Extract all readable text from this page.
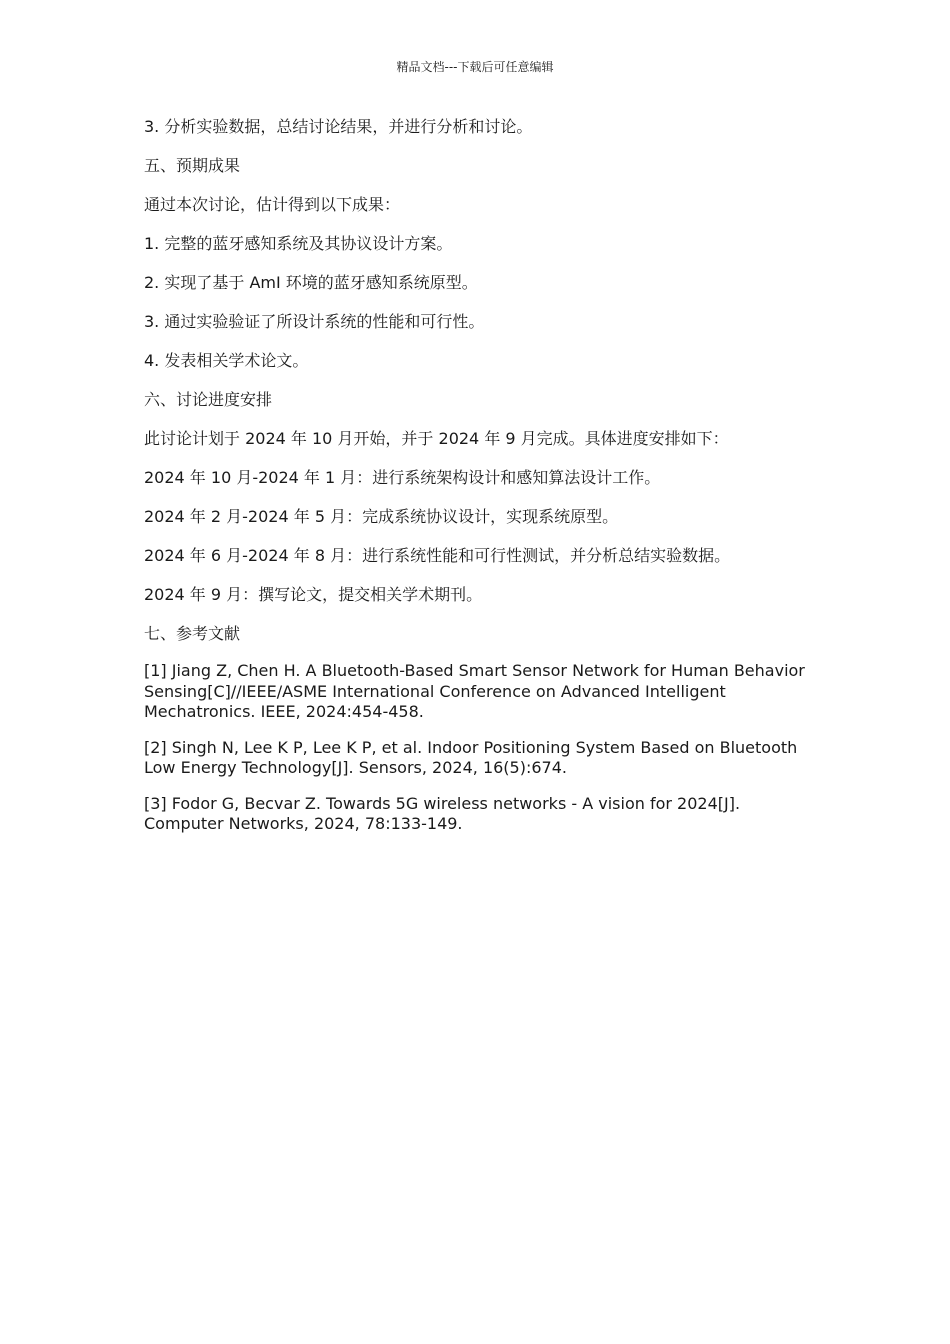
精品文档---下载后可任意编辑
3. 分析实验数据，总结讨论结果，并进行分析和讨论。
五、预期成果
通过本次讨论，估计得到以下成果：
1. 完整的蓝牙感知系统及其协议设计方案。
2. 实现了基于 AmI 环境的蓝牙感知系统原型。
3. 通过实验验证了所设计系统的性能和可行性。
4. 发表相关学术论文。
六、讨论进度安排
此讨论计划于 2024 年 10 月开始，并于 2024 年 9 月完成。具体进度安排如下：
2024 年 10 月-2024 年 1 月：进行系统架构设计和感知算法设计工作。
2024 年 2 月-2024 年 5 月：完成系统协议设计，实现系统原型。
2024 年 6 月-2024 年 8 月：进行系统性能和可行性测试，并分析总结实验数据。
2024 年 9 月：撰写论文，提交相关学术期刊。
七、参考文献
[1] Jiang Z, Chen H. A Bluetooth-Based Smart Sensor Network for Human Behavior Sensing[C]//IEEE/ASME International Conference on Advanced Intelligent Mechatronics. IEEE, 2024:454-458.
[2] Singh N, Lee K P, Lee K P, et al. Indoor Positioning System Based on Bluetooth Low Energy Technology[J]. Sensors, 2024, 16(5):674.
[3] Fodor G, Becvar Z. Towards 5G wireless networks - A vision for 2024[J]. Computer Networks, 2024, 78:133-149.
